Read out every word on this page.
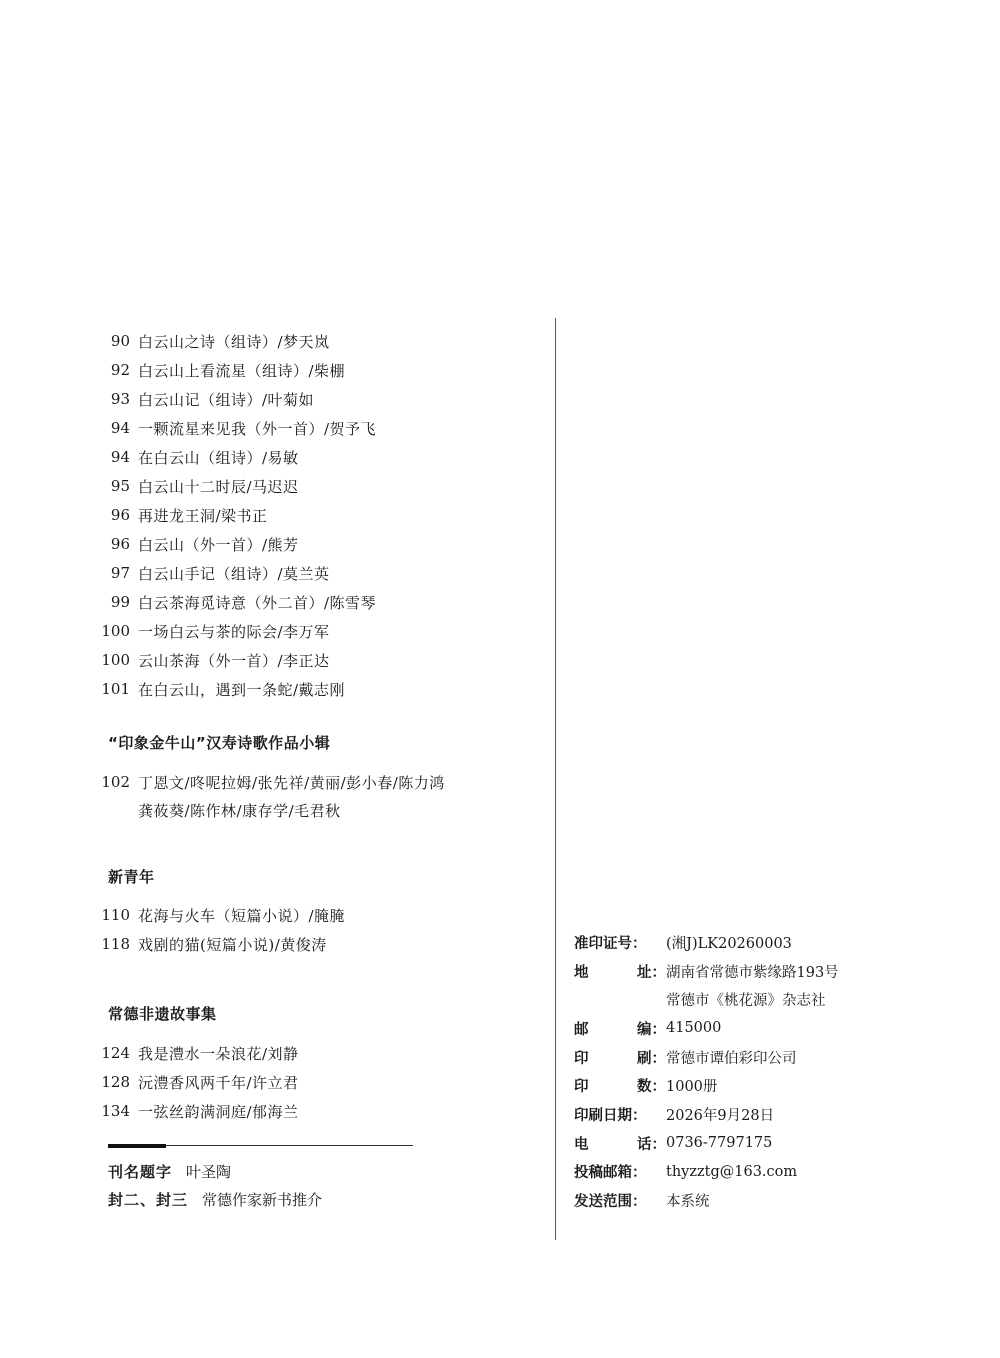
90 白云山之诗（组诗）/梦天岚
92 白云山上看流星（组诗）/柴棚
93 白云山记（组诗）/叶菊如
94 一颗流星来见我（外一首）/贺予飞
94 在白云山（组诗）/易敏
95 白云山十二时辰/马迟迟
96 再进龙王洞/梁书正
96 白云山（外一首）/熊芳
97 白云山手记（组诗）/莫兰英
99 白云茶海觅诗意（外二首）/陈雪琴
100 一场白云与茶的际会/李万军
100 云山茶海（外一首）/李正达
101 在白云山，遇到一条蛇/戴志刚
“印象金牛山”汉寿诗歌作品小辑
102 丁恩文/咚呢拉姆/张先祥/黄丽/彭小春/陈力鸿
龚莜葵/陈作林/康存学/毛君秋
新青年
110 花海与火车（短篇小说）/腌腌
118 戏剧的猫(短篇小说)/黄俊涛
常德非遗故事集
124 我是澧水一朵浪花/刘静
128 沅澧香风两千年/许立君
134 一弦丝韵满洞庭/郁海兰
刊名题字 叶圣陶
封二、封三 常德作家新书推介
准印证号： (湘J)LK20260003
地	址： 湖南省常德市紫缘路193号
常德市《桃花源》杂志社
邮	编： 415000
印	刷： 常德市谭伯彩印公司
印	数： 1000册
印刷日期： 2026年9月28日
电	话： 0736-7797175
投稿邮箱： thyzztg@163.com
发送范围： 本系统
